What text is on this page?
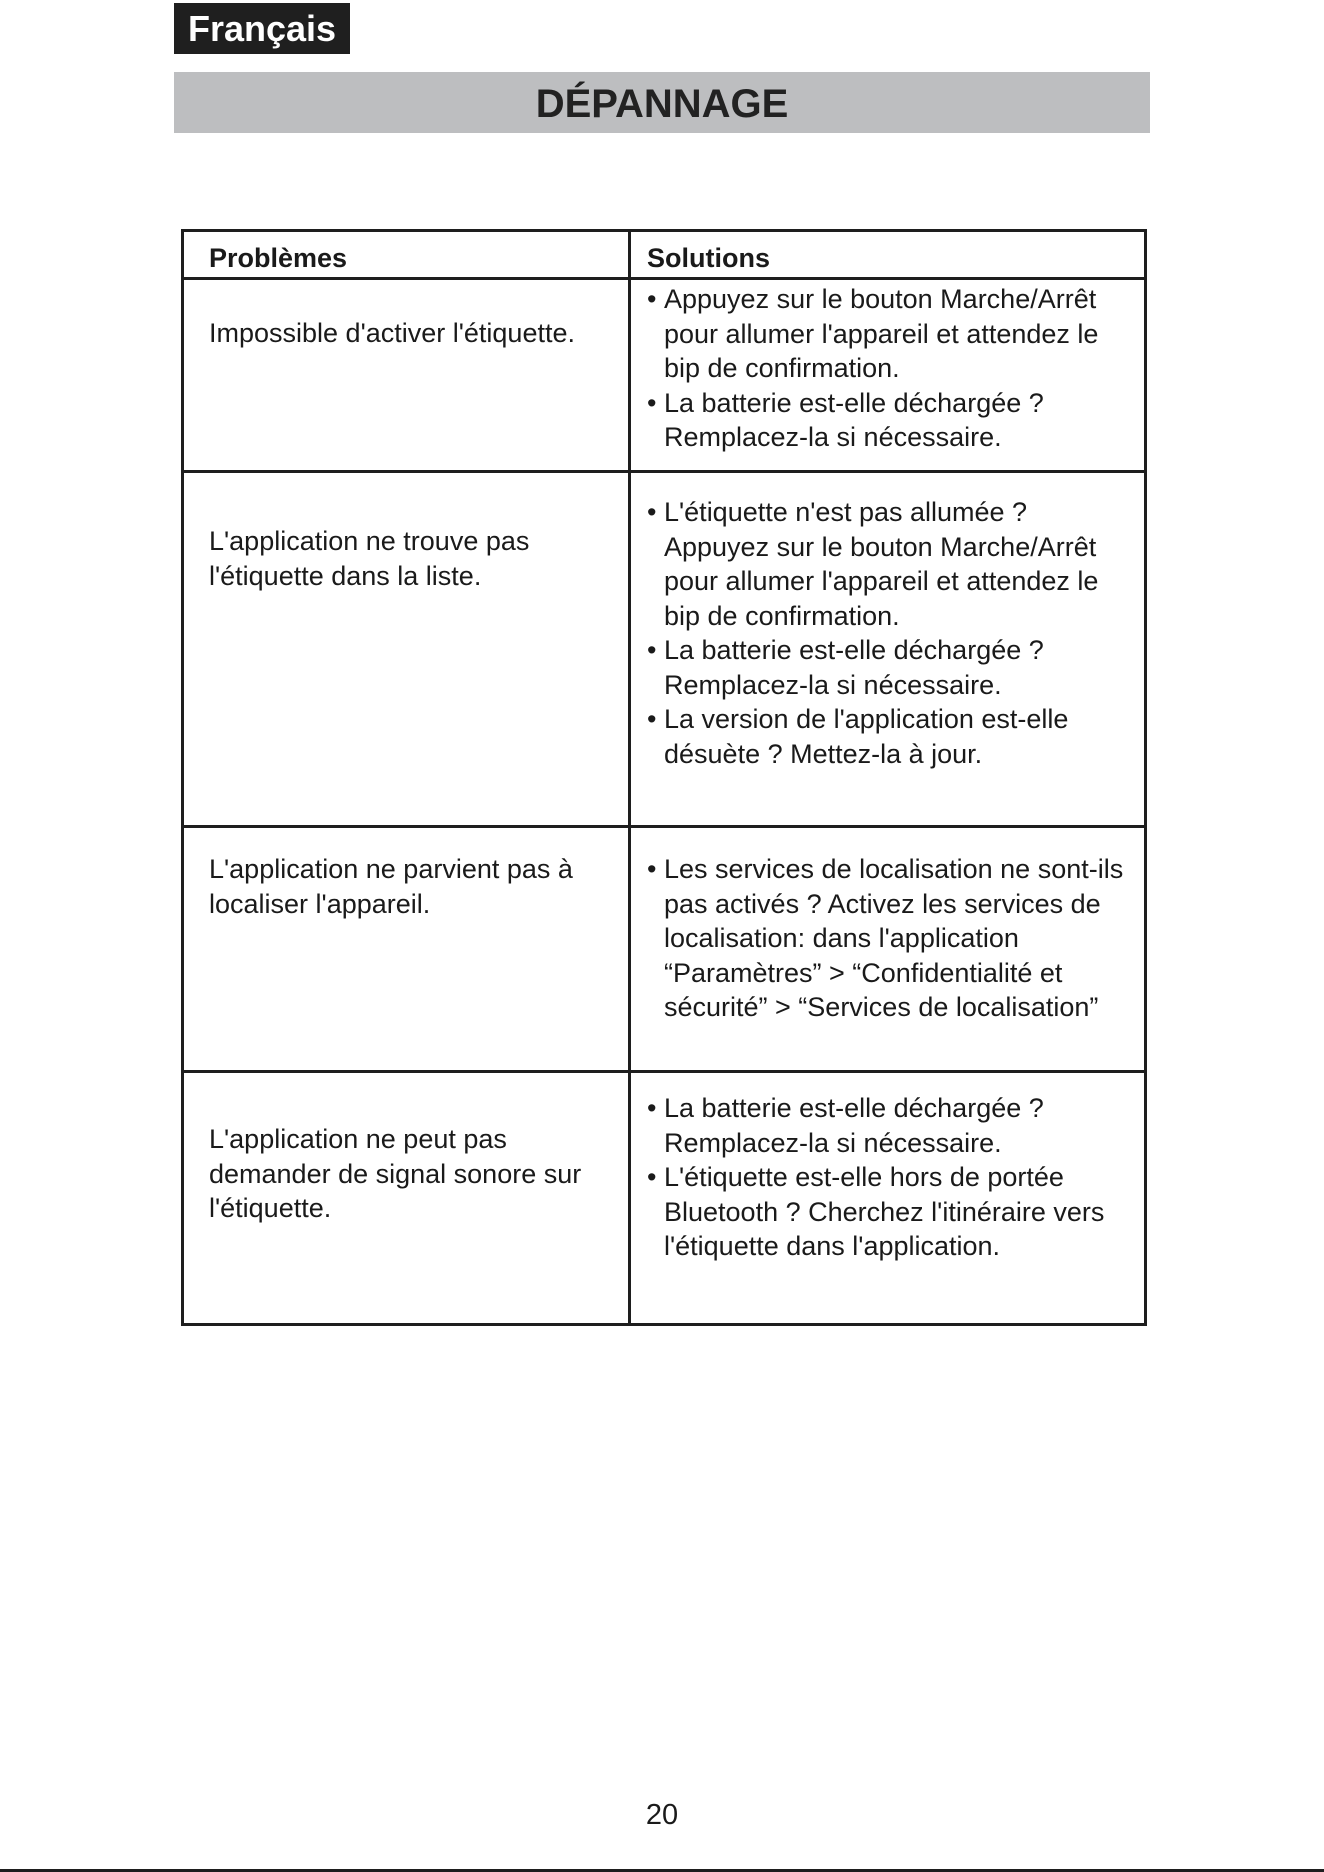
Français
DÉPANNAGE
Problèmes	Solutions
Impossible d'activer l'étiquette.
• Appuyez sur le bouton Marche/Arrêt pour allumer l'appareil et attendez le bip de confirmation.
• La batterie est-elle déchargée ? Remplacez-la si nécessaire.
L'application ne trouve pas l'étiquette dans la liste.
• L'étiquette n'est pas allumée ? Appuyez sur le bouton Marche/Arrêt pour allumer l'appareil et attendez le bip de confirmation.
• La batterie est-elle déchargée ? Remplacez-la si nécessaire.
• La version de l'application est-elle désuète ? Mettez-la à jour.
L'application ne parvient pas à localiser l'appareil.
• Les services de localisation ne sont-ils pas activés ? Activez les services de localisation: dans l'application “Paramètres” > “Confidentialité et sécurité” > “Services de localisation”
L'application ne peut pas demander de signal sonore sur l'étiquette.
• La batterie est-elle déchargée ? Remplacez-la si nécessaire.
• L'étiquette est-elle hors de portée Bluetooth ? Cherchez l'itinéraire vers l'étiquette dans l'application.
20
